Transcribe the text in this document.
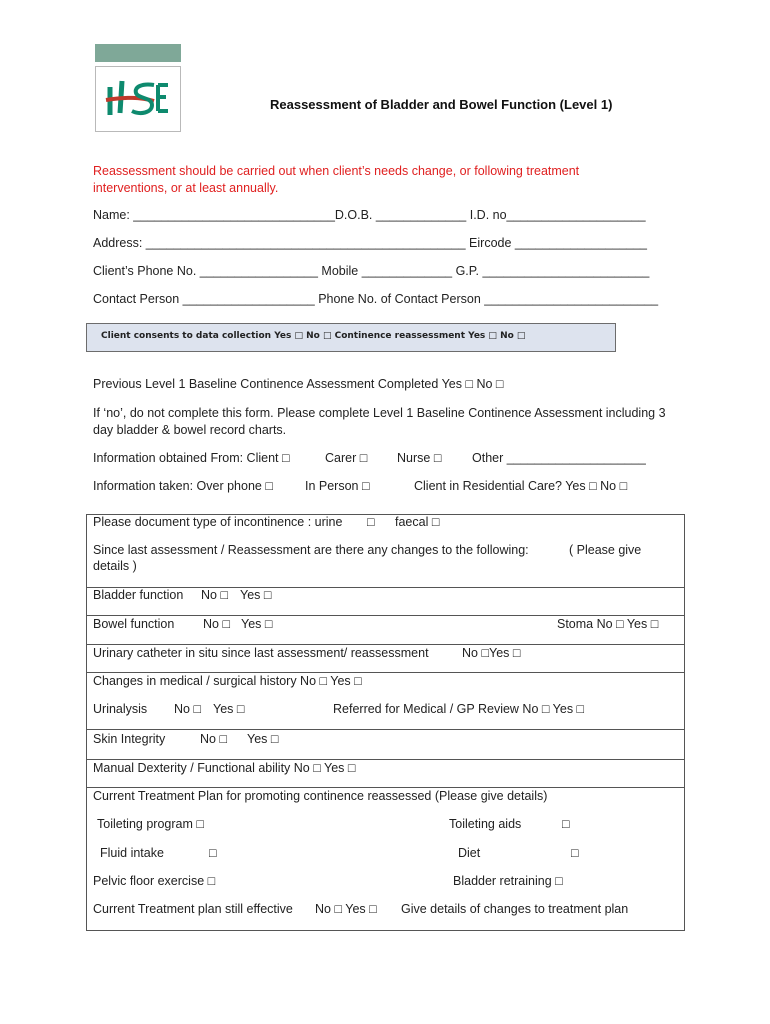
Reassessment of Bladder and Bowel Function (Level 1)
Reassessment should be carried out when client’s needs change, or following treatment interventions, or at least annually.
Name: _____________________________D.O.B. _____________ I.D. no____________________
Address: ______________________________________________ Eircode ___________________
Client’s Phone No. _________________ Mobile _____________ G.P. ________________________
Contact Person ___________________ Phone No. of Contact Person _________________________
Client consents to data collection Yes □ No □ Continence reassessment Yes □ No □
Previous Level 1 Baseline Continence Assessment Completed Yes □ No □
If ‘no’, do not complete this form. Please complete Level 1 Baseline Continence Assessment including 3 day bladder & bowel record charts.
Information obtained From: Client □	Carer □ Nurse □ Other ____________________
Information taken: Over phone □	In Person □	Client in Residential Care? Yes □ No □
Please document type of incontinence : urine □ faecal □
Since last assessment / Reassessment are there any changes to the following:	( Please give
details )
Bladder function No □ Yes □
Bowel function No □ Yes □	Stoma No □ Yes □
Urinary catheter in situ since last assessment/ reassessment	No □Yes □
Changes in medical / surgical history No □ Yes □
Urinalysis No □ Yes □	Referred for Medical / GP Review No □ Yes □
Skin Integrity	No □ Yes □
Manual Dexterity / Functional ability No □ Yes □
Current Treatment Plan for promoting continence reassessed (Please give details)
Toileting program □	Toileting aids	□
Fluid intake	□	Diet	□
Pelvic floor exercise □	Bladder retraining □
Current Treatment plan still effective No □ Yes □ Give details of changes to treatment plan
